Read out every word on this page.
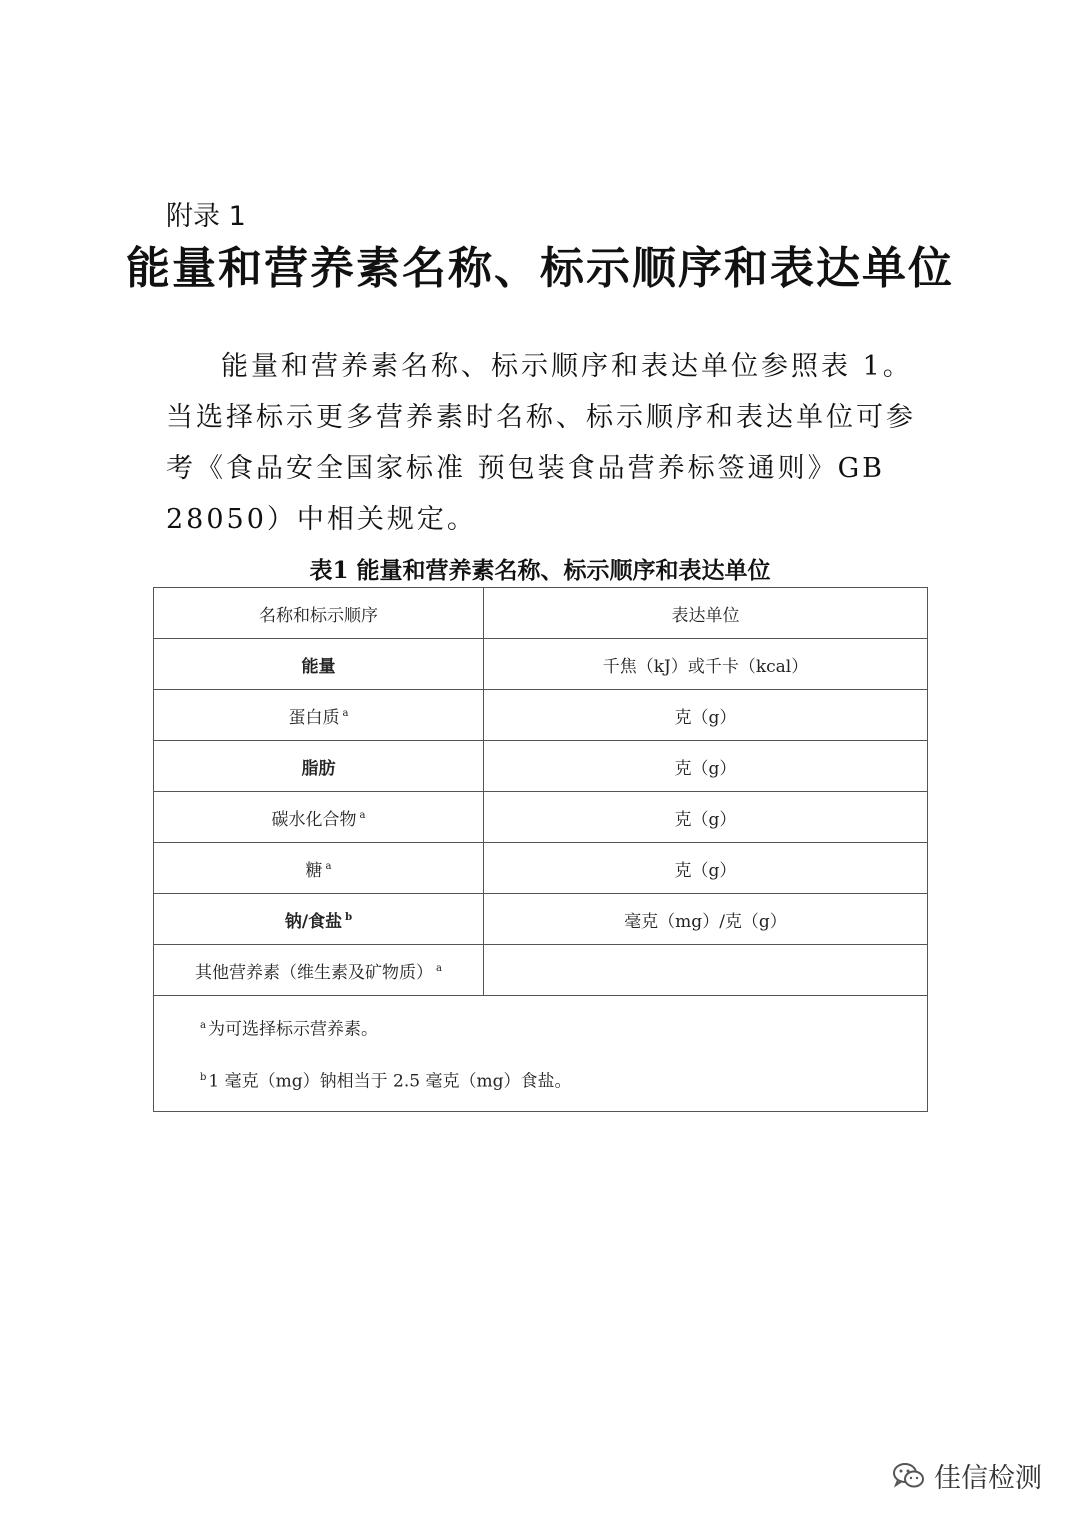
附录 1
能量和营养素名称、标示顺序和表达单位

能量和营养素名称、标示顺序和表达单位参照表 1。当选择标示更多营养素时名称、标示顺序和表达单位可参考《食品安全国家标准 预包装食品营养标签通则》GB 28050）中相关规定。

表1 能量和营养素名称、标示顺序和表达单位
名称和标示顺序	表达单位
能量	千焦（kJ）或千卡（kcal）
蛋白质 $^a$	克（g）
脂肪	克（g）
碳水化合物 $^a$	克（g）
糖 $^a$	克（g）
钠/食盐 $^b$	毫克（mg）/克（g）
其他营养素（维生素及矿物质） $^a$	

$^a$ 为可选择标示营养素。
$^b$ 1 毫克（mg）钠相当于 2.5 毫克（mg）食盐。	
佳信检测
